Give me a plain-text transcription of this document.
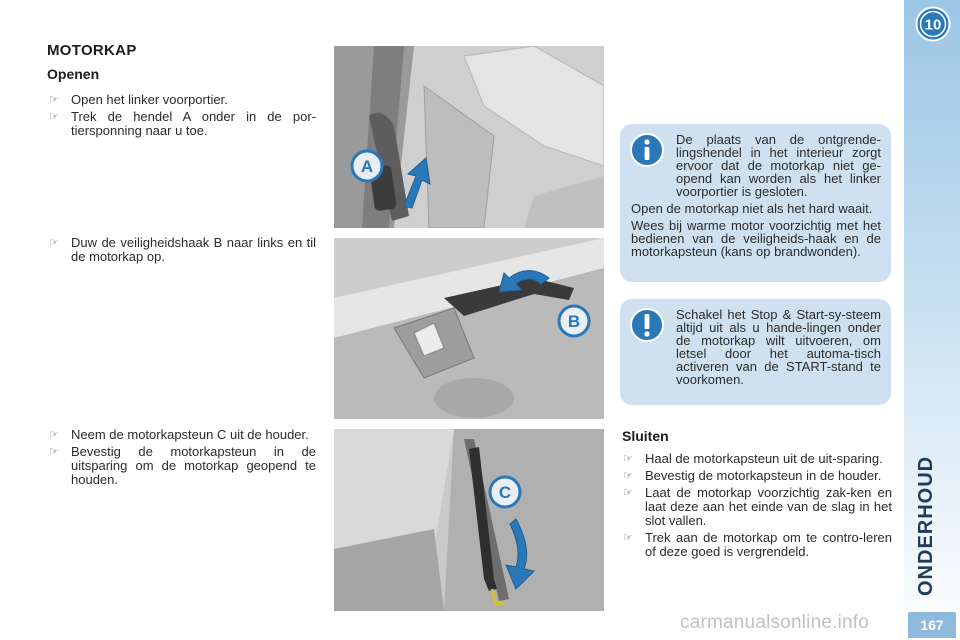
MOTORKAP
Openen
☞ Open het linker voorportier.
☞ Trek de hendel A onder in de por-tiersponning naar u toe.
☞ Duw de veiligheidshaak B naar links en til de motorkap op.
☞ Neem de motorkapsteun C uit de houder.
☞ Bevestig de motorkapsteun in de uitsparing om de motorkap geopend te houden.
A
B
C
De plaats van de ontgrende-lingshendel in het interieur zorgt ervoor dat de motorkap niet ge-opend kan worden als het linker voorportier is gesloten.
Open de motorkap niet als het hard waait.
Wees bij warme motor voorzichtig met het bedienen van de veiligheids-haak en de motorkapsteun (kans op brandwonden).
Schakel het Stop & Start-sy-steem altijd uit als u hande-lingen onder de motorkap wilt uitvoeren, om letsel door het automa-tisch activeren van de START-stand te voorkomen.
Sluiten
☞ Haal de motorkapsteun uit de uit-sparing.
☞ Bevestig de motorkapsteun in de houder.
☞ Laat de motorkap voorzichtig zak-ken en laat deze aan het einde van de slag in het slot vallen.
☞ Trek aan de motorkap om te contro-leren of deze goed is vergrendeld.
10
ONDERHOUD
167
carmanualsonline.info
